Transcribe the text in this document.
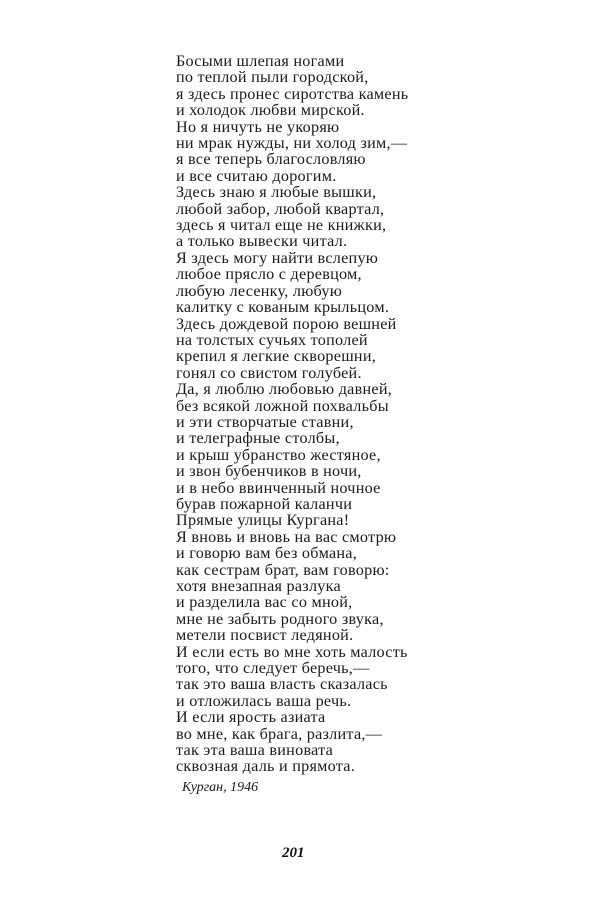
Босыми шлепая ногами
по теплой пыли городской,
я здесь пронес сиротства камень
и холодок любви мирской.
Но я ничуть не укоряю
ни мрак нужды, ни холод зим,—
я все теперь благословляю
и все считаю дорогим.
Здесь знаю я любые вышки,
любой забор, любой квартал,
здесь я читал еще не книжки,
а только вывески читал.
Я здесь могу найти вслепую
любое прясло с деревцом,
любую лесенку, любую
калитку с кованым крыльцом.
Здесь дождевой порою вешней
на толстых сучьях тополей
крепил я легкие скворешни,
гонял со свистом голубей.
Да, я люблю любовью давней,
без всякой ложной похвальбы
и эти створчатые ставни,
и телеграфные столбы,
и крыш убранство жестяное,
и звон бубенчиков в ночи,
и в небо ввинченный ночное
бурав пожарной каланчи
Прямые улицы Кургана!
Я вновь и вновь на вас смотрю
и говорю вам без обмана,
как сестрам брат, вам говорю:
хотя внезапная разлука
и разделила вас со мной,
мне не забыть родного звука,
метели посвист ледяной.
И если есть во мне хоть малость
того, что следует беречь,—
так это ваша власть сказалась
и отложилась ваша речь.
И если ярость азиата
во мне, как брага, разлита,—
так эта ваша виновата
сквозная даль и прямота.
Курган, 1946
201
